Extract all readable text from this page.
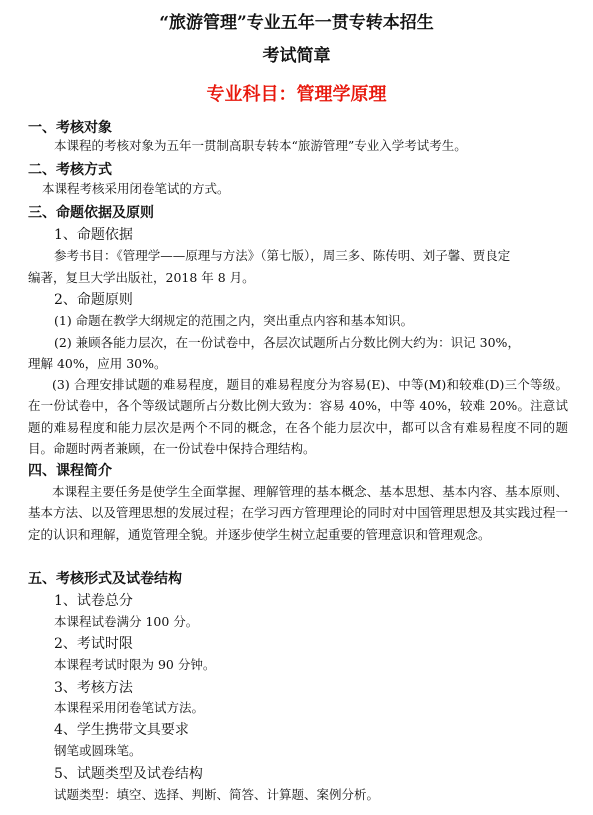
“旅游管理”专业五年一贯专转本招生
考试简章
专业科目：管理学原理
一、考核对象
本课程的考核对象为五年一贯制高职专转本“旅游管理”专业入学考试考生。
二、考核方式
本课程考核采用闭卷笔试的方式。
三、命题依据及原则
1、命题依据
参考书目：《管理学——原理与方法》（第七版），周三多、陈传明、刘子馨、贾良定
编著，复旦大学出版社，2018 年 8 月。
2、命题原则
(1) 命题在教学大纲规定的范围之内，突出重点内容和基本知识。
(2) 兼顾各能力层次，在一份试卷中，各层次试题所占分数比例大约为：识记 30%，
理解 40%，应用 30%。

(3) 合理安排试题的难易程度，题目的难易程度分为容易(E)、中等(M)和较难(D)三个等级。在一份试卷中，各个等级试题所占分数比例大致为：容易 40%，中等 40%，较难 20%。注意试题的难易程度和能力层次是两个不同的概念，在各个能力层次中，都可以含有难易程度不同的题目。命题时两者兼顾，在一份试卷中保持合理结构。

四、课程简介

本课程主要任务是使学生全面掌握、理解管理的基本概念、基本思想、基本内容、基本原则、基本方法、以及管理思想的发展过程；在学习西方管理理论的同时对中国管理思想及其实践过程一定的认识和理解，通览管理全貌。并逐步使学生树立起重要的管理意识和管理观念。

五、考核形式及试卷结构
1、试卷总分
本课程试卷满分 100 分。
2、考试时限
本课程考试时限为 90 分钟。
3、考核方法
本课程采用闭卷笔试方法。
4、学生携带文具要求
钢笔或圆珠笔。
5、试题类型及试卷结构
试题类型：填空、选择、判断、简答、计算题、案例分析。
